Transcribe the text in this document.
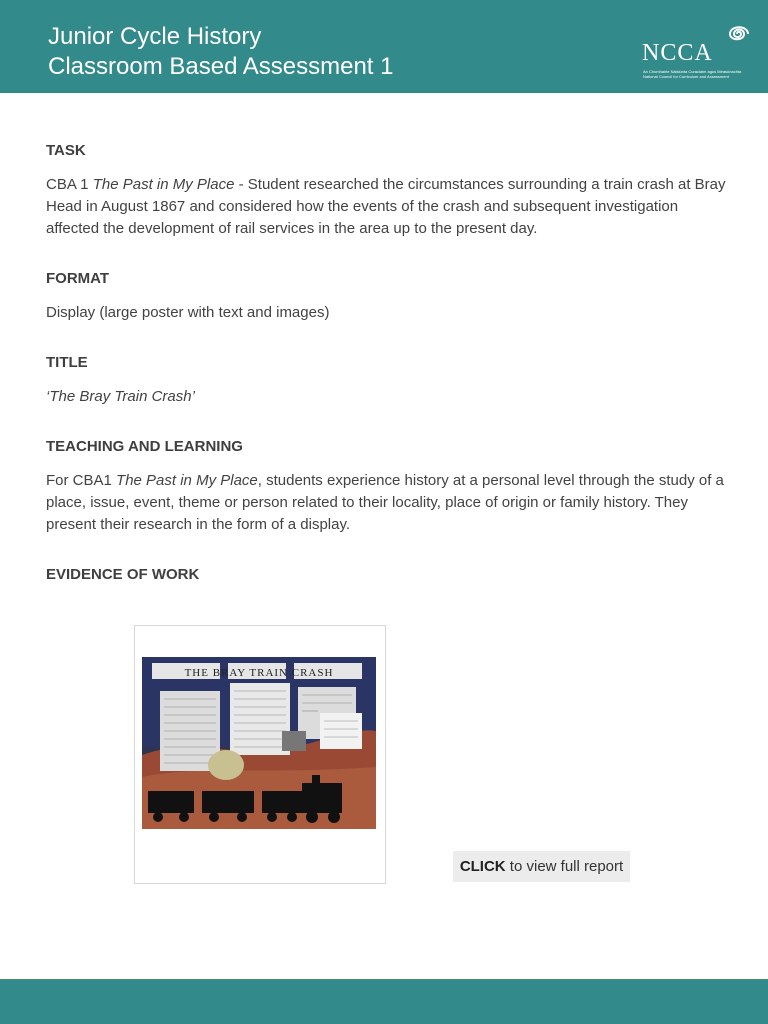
Junior Cycle History
Classroom Based Assessment 1	NCCA
An Chomhairle Náisiúnta Curaclaim agus Measúnachta
National Council for Curriculum and Assessment
TASK

CBA 1 The Past in My Place - Student researched the circumstances surrounding a train crash at Bray Head in August 1867 and considered how the events of the crash and subsequent investigation affected the development of rail services in the area up to the present day.

FORMAT

Display (large poster with text and images)

TITLE

‘The Bray Train Crash’

TEACHING AND LEARNING

For CBA1 The Past in My Place, students experience history at a personal level through the study of a place, issue, event, theme or person related to their locality, place of origin or family history. They present their research in the form of a display.

EVIDENCE OF WORK
THE BRAY TRAIN CRASH
CLICK to view full report
